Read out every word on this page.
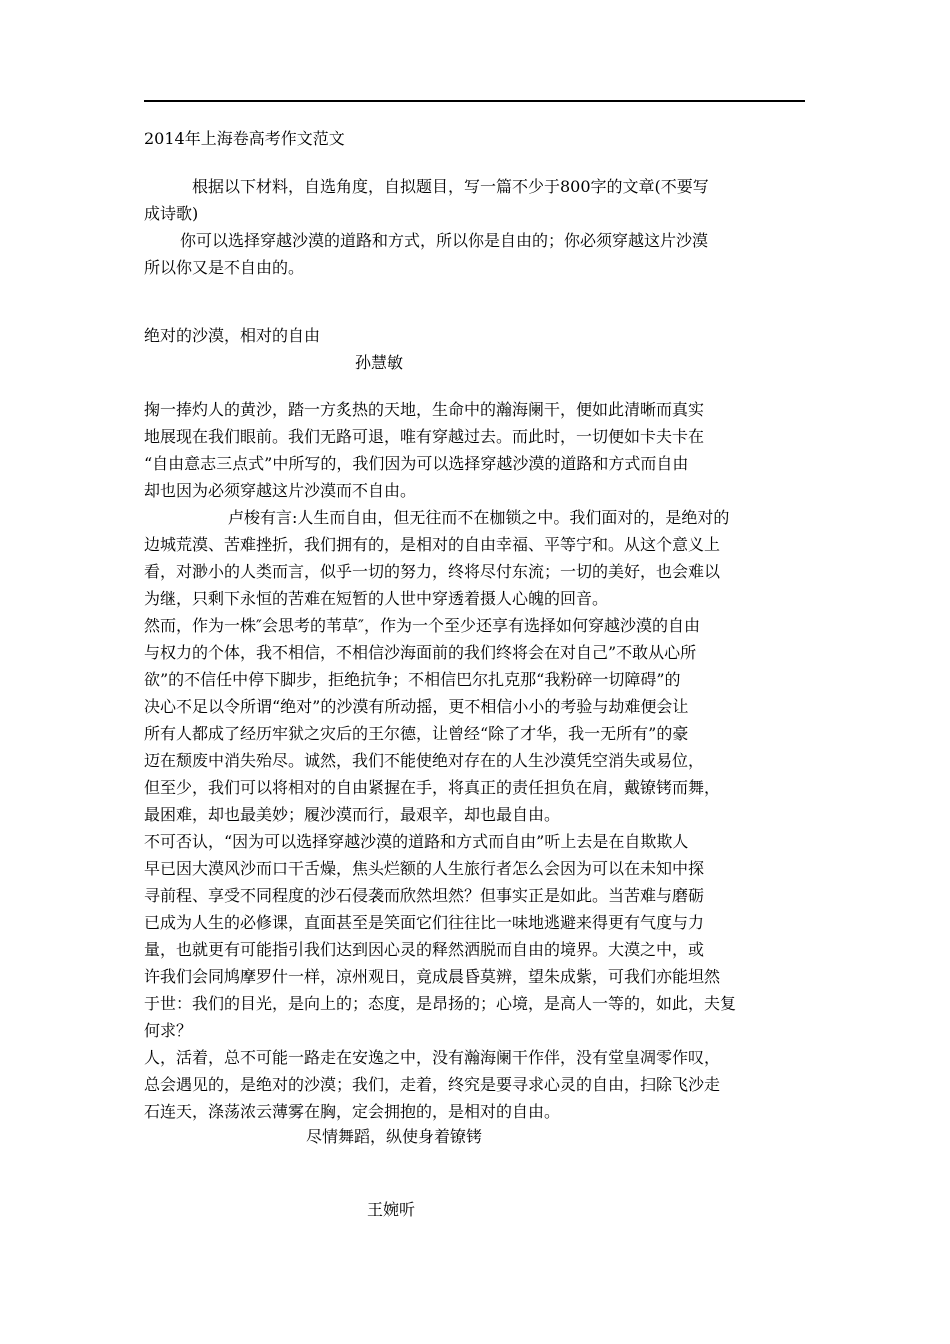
2014年上海卷高考作文范文
根据以下材料，自选角度，自拟题目，写一篇不少于800字的文章(不要写
成诗歌)
你可以选择穿越沙漠的道路和方式，所以你是自由的；你必须穿越这片沙漠
所以你又是不自由的。
绝对的沙漠，相对的自由
孙慧敏
掬一捧灼人的黄沙，踏一方炙热的天地，生命中的瀚海阑干，便如此清晰而真实
地展现在我们眼前。我们无路可退，唯有穿越过去。而此时，一切便如卡夫卡在
“自由意志三点式”中所写的，我们因为可以选择穿越沙漠的道路和方式而自由
却也因为必须穿越这片沙漠而不自由。
卢梭有言:人生而自由，但无往而不在枷锁之中。我们面对的，是绝对的
边城荒漠、苦难挫折，我们拥有的，是相对的自由幸福、平等宁和。从这个意义上
看，对渺小的人类而言，似乎一切的努力，终将尽付东流；一切的美好，也会难以
为继，只剩下永恒的苦难在短暂的人世中穿透着摄人心魄的回音。
然而，作为一株″会思考的苇草″，作为一个至少还享有选择如何穿越沙漠的自由
与权力的个体，我不相信，不相信沙海面前的我们终将会在对自己”不敢从心所
欲”的不信任中停下脚步，拒绝抗争；不相信巴尔扎克那“我粉碎一切障碍”的
决心不足以令所谓“绝对”的沙漠有所动摇，更不相信小小的考验与劫难便会让
所有人都成了经历牢狱之灾后的王尔德，让曾经“除了才华，我一无所有”的豪
迈在颓废中消失殆尽。诚然，我们不能使绝对存在的人生沙漠凭空消失或易位，
但至少，我们可以将相对的自由紧握在手，将真正的责任担负在肩，戴镣铐而舞，
最困难，却也最美妙；履沙漠而行，最艰辛，却也最自由。
不可否认，“因为可以选择穿越沙漠的道路和方式而自由”听上去是在自欺欺人
早已因大漠风沙而口干舌燥，焦头烂额的人生旅行者怎么会因为可以在未知中探
寻前程、享受不同程度的沙石侵袭而欣然坦然？但事实正是如此。当苦难与磨砺
已成为人生的必修课，直面甚至是笑面它们往往比一味地逃避来得更有气度与力
量，也就更有可能指引我们达到因心灵的释然洒脱而自由的境界。大漠之中，或
许我们会同鸠摩罗什一样，凉州观日，竟成晨昏莫辨，望朱成紫，可我们亦能坦然
于世：我们的目光，是向上的；态度，是昂扬的；心境，是高人一等的，如此，夫复
何求？
人，活着，总不可能一路走在安逸之中，没有瀚海阑干作伴，没有堂皇凋零作叹，
总会遇见的，是绝对的沙漠；我们，走着，终究是要寻求心灵的自由，扫除飞沙走
石连天，涤荡浓云薄雾在胸，定会拥抱的，是相对的自由。
尽情舞蹈，纵使身着镣铐
王婉听
